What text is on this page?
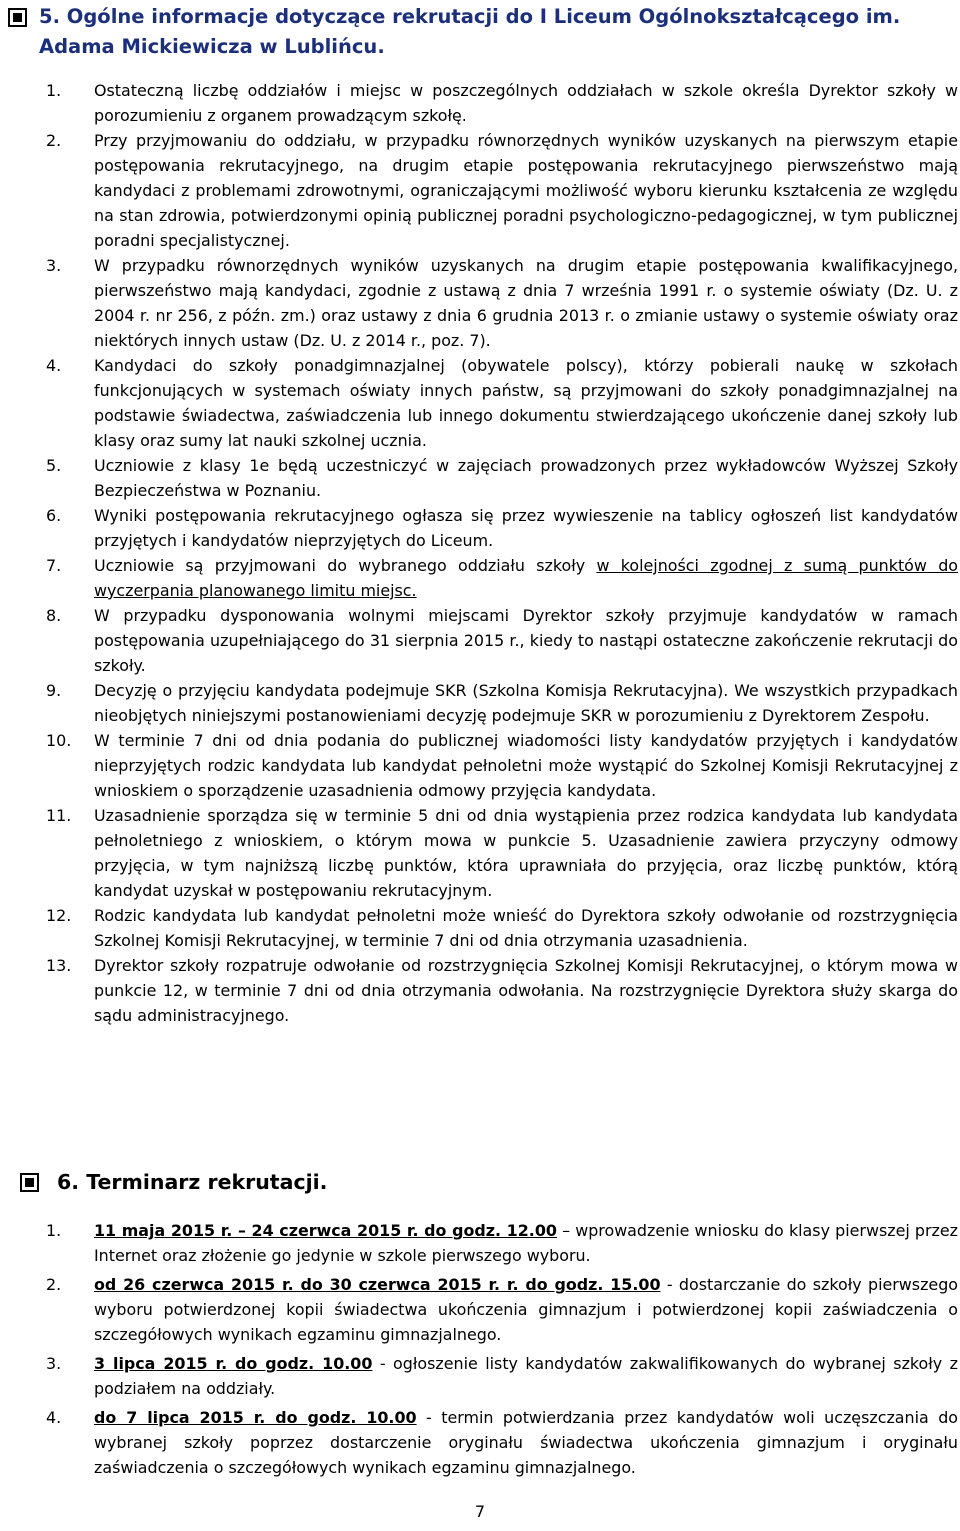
5. Ogólne informacje dotyczące rekrutacji do I Liceum Ogólnokształcącego im. Adama Mickiewicza w Lublińcu.
1.	Ostateczną liczbę oddziałów i miejsc w poszczególnych oddziałach w szkole określa Dyrektor szkoły w porozumieniu z organem prowadzącym szkołę.
2.	Przy przyjmowaniu do oddziału, w przypadku równorzędnych wyników uzyskanych na pierwszym etapie postępowania rekrutacyjnego, na drugim etapie postępowania rekrutacyjnego pierwszeństwo mają kandydaci z problemami zdrowotnymi, ograniczającymi możliwość wyboru kierunku kształcenia ze względu na stan zdrowia, potwierdzonymi opinią publicznej poradni psychologiczno-pedagogicznej, w tym publicznej poradni specjalistycznej.
3.	W przypadku równorzędnych wyników uzyskanych na drugim etapie postępowania kwalifikacyjnego, pierwszeństwo mają kandydaci, zgodnie z ustawą z dnia 7 września 1991 r. o systemie oświaty (Dz. U. z 2004 r. nr 256, z późn. zm.) oraz ustawy z dnia 6 grudnia 2013 r. o zmianie ustawy o systemie oświaty oraz niektórych innych ustaw (Dz. U. z 2014 r., poz. 7).
4.	Kandydaci do szkoły ponadgimnazjalnej (obywatele polscy), którzy pobierali naukę w szkołach funkcjonujących w systemach oświaty innych państw, są przyjmowani do szkoły ponadgimnazjalnej na podstawie świadectwa, zaświadczenia lub innego dokumentu stwierdzającego ukończenie danej szkoły lub klasy oraz sumy lat nauki szkolnej ucznia.
5.	Uczniowie z klasy 1e będą uczestniczyć w zajęciach prowadzonych przez wykładowców Wyższej Szkoły Bezpieczeństwa w Poznaniu.
6.	Wyniki postępowania rekrutacyjnego ogłasza się przez wywieszenie na tablicy ogłoszeń list kandydatów przyjętych i kandydatów nieprzyjętych do Liceum.
7.	Uczniowie są przyjmowani do wybranego oddziału szkoły w kolejności zgodnej z sumą punktów do wyczerpania planowanego limitu miejsc.
8.	W przypadku dysponowania wolnymi miejscami Dyrektor szkoły przyjmuje kandydatów w ramach postępowania uzupełniającego do 31 sierpnia 2015 r., kiedy to nastąpi ostateczne zakończenie rekrutacji do szkoły.
9.	Decyzję o przyjęciu kandydata podejmuje SKR (Szkolna Komisja Rekrutacyjna). We wszystkich przypadkach nieobjętych niniejszymi postanowieniami decyzję podejmuje SKR w porozumieniu z Dyrektorem Zespołu.
10.	W terminie 7 dni od dnia podania do publicznej wiadomości listy kandydatów przyjętych i kandydatów nieprzyjętych rodzic kandydata lub kandydat pełnoletni może wystąpić do Szkolnej Komisji Rekrutacyjnej z wnioskiem o sporządzenie uzasadnienia odmowy przyjęcia kandydata.
11.	Uzasadnienie sporządza się w terminie 5 dni od dnia wystąpienia przez rodzica kandydata lub kandydata pełnoletniego z wnioskiem, o którym mowa w punkcie 5. Uzasadnienie zawiera przyczyny odmowy przyjęcia, w tym najniższą liczbę punktów, która uprawniała do przyjęcia, oraz liczbę punktów, którą kandydat uzyskał w postępowaniu rekrutacyjnym.
12.	Rodzic kandydata lub kandydat pełnoletni może wnieść do Dyrektora szkoły odwołanie od rozstrzygnięcia Szkolnej Komisji Rekrutacyjnej, w terminie 7 dni od dnia otrzymania uzasadnienia.
13.	Dyrektor szkoły rozpatruje odwołanie od rozstrzygnięcia Szkolnej Komisji Rekrutacyjnej, o którym mowa w punkcie 12, w terminie 7 dni od dnia otrzymania odwołania. Na rozstrzygnięcie Dyrektora służy skarga do sądu administracyjnego.
6. Terminarz rekrutacji.
1.	11 maja 2015 r. – 24 czerwca 2015 r. do godz. 12.00 – wprowadzenie wniosku do klasy pierwszej przez Internet oraz złożenie go jedynie w szkole pierwszego wyboru.
2.	od 26 czerwca 2015 r. do 30 czerwca 2015 r. r. do godz. 15.00 - dostarczanie do szkoły pierwszego wyboru potwierdzonej kopii świadectwa ukończenia gimnazjum i potwierdzonej kopii zaświadczenia o szczegółowych wynikach egzaminu gimnazjalnego.
3.	3 lipca 2015 r. do godz. 10.00 - ogłoszenie listy kandydatów zakwalifikowanych do wybranej szkoły z podziałem na oddziały.
4.	do 7 lipca 2015 r. do godz. 10.00 - termin potwierdzania przez kandydatów woli uczęszczania do wybranej szkoły poprzez dostarczenie oryginału świadectwa ukończenia gimnazjum i oryginału zaświadczenia o szczegółowych wynikach egzaminu gimnazjalnego.
7
